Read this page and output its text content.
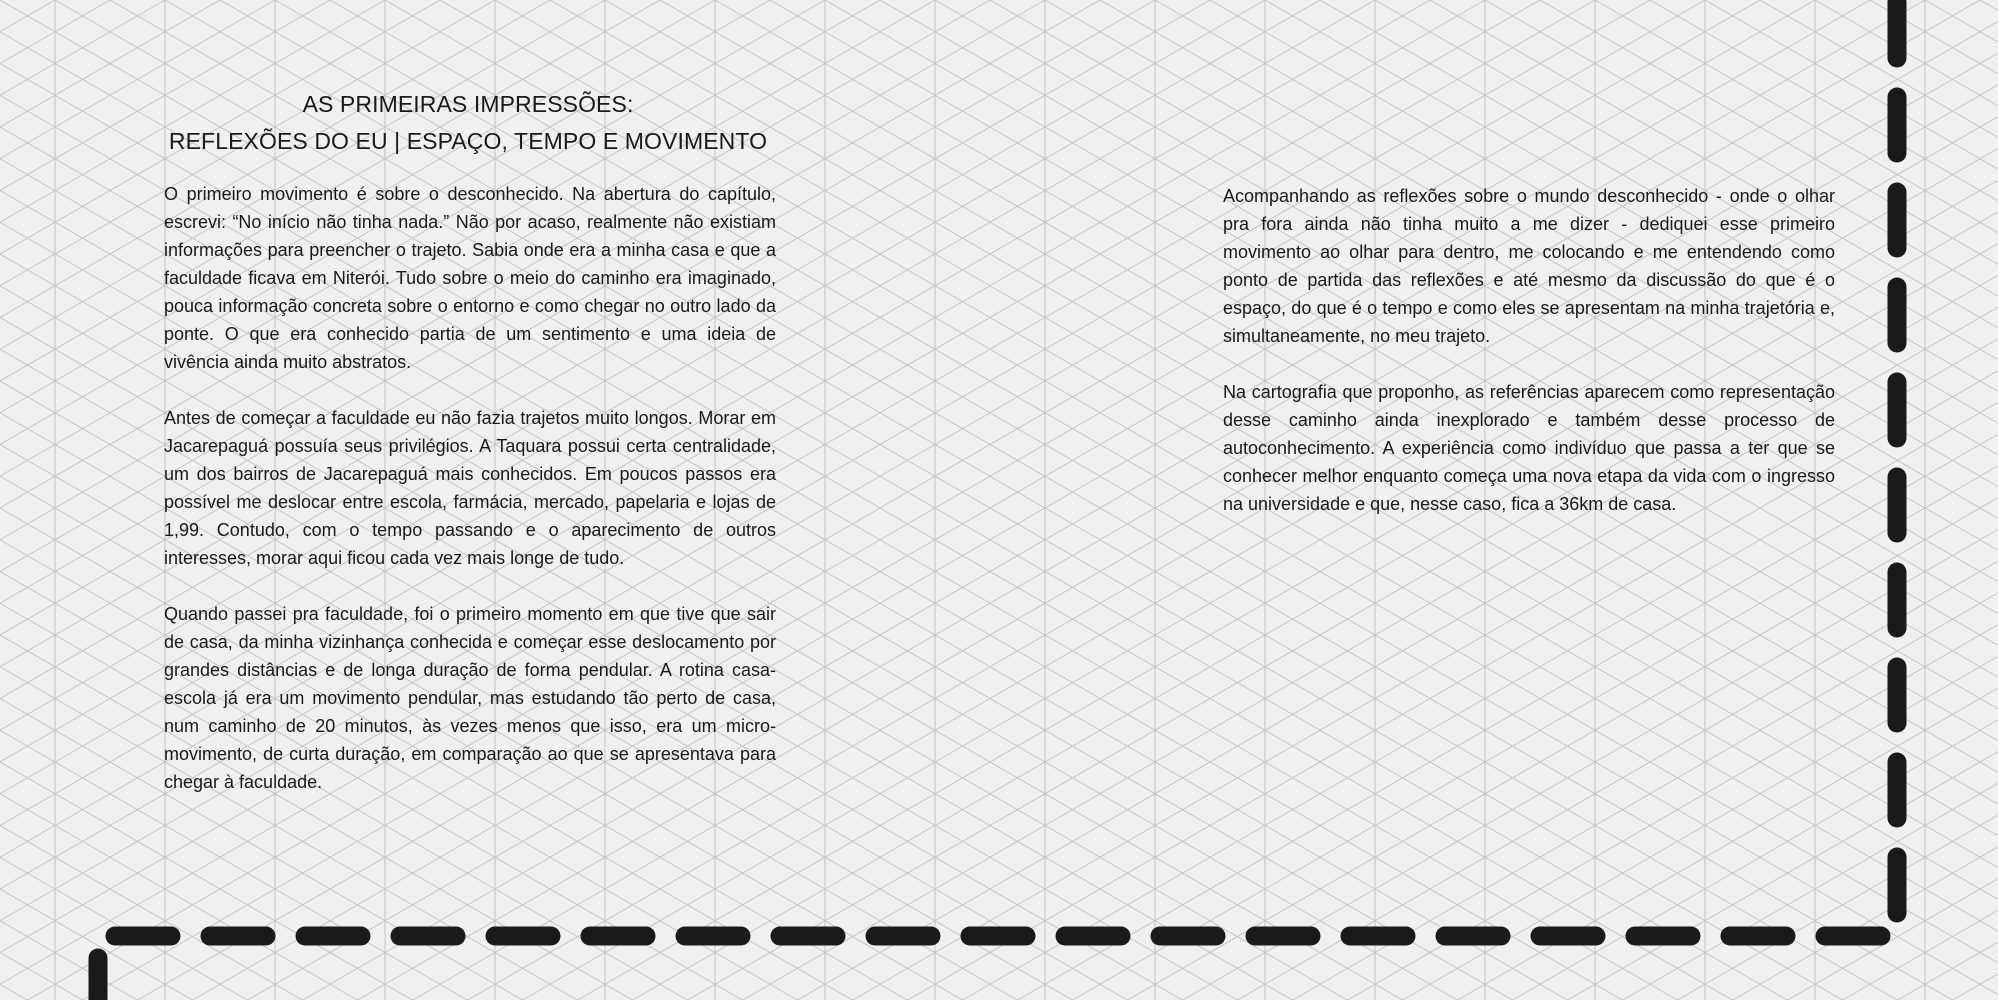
AS PRIMEIRAS IMPRESSÕES:
REFLEXÕES DO EU | ESPAÇO, TEMPO E MOVIMENTO

O primeiro movimento é sobre o desconhecido. Na abertura do capítulo, escrevi: “No início não tinha nada.” Não por acaso, realmente não existiam informações para preencher o trajeto. Sabia onde era a minha casa e que a faculdade ficava em Niterói. Tudo sobre o meio do caminho era imaginado, pouca informação concreta sobre o entorno e como chegar no outro lado da ponte. O que era conhecido partia de um sentimento e uma ideia de vivência ainda muito abstratos.

Antes de começar a faculdade eu não fazia trajetos muito longos. Morar em Jacarepaguá possuía seus privilégios. A Taquara possui certa centralidade, um dos bairros de Jacarepaguá mais conhecidos. Em poucos passos era possível me deslocar entre escola, farmácia, mercado, papelaria e lojas de 1,99. Contudo, com o tempo passando e o aparecimento de outros interesses, morar aqui ficou cada vez mais longe de tudo.

Quando passei pra faculdade, foi o primeiro momento em que tive que sair de casa, da minha vizinhança conhecida e começar esse deslocamento por grandes distâncias e de longa duração de forma pendular. A rotina casa-escola já era um movimento pendular, mas estudando tão perto de casa, num caminho de 20 minutos, às vezes menos que isso, era um micro-movimento, de curta duração, em comparação ao que se apresentava para chegar à faculdade.

Acompanhando as reflexões sobre o mundo desconhecido - onde o olhar pra fora ainda não tinha muito a me dizer - dediquei esse primeiro movimento ao olhar para dentro, me colocando e me entendendo como ponto de partida das reflexões e até mesmo da discussão do que é o espaço, do que é o tempo e como eles se apresentam na minha trajetória e, simultaneamente, no meu trajeto.

Na cartografia que proponho, as referências aparecem como representação desse caminho ainda inexplorado e também desse processo de autoconhecimento. A experiência como indivíduo que passa a ter que se conhecer melhor enquanto começa uma nova etapa da vida com o ingresso na universidade e que, nesse caso, fica a 36km de casa.
